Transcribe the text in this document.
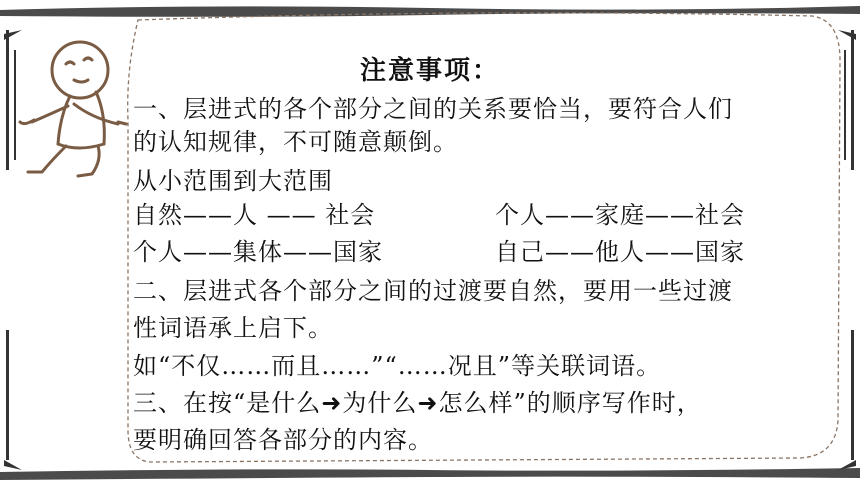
注意事项：
一、层进式的各个部分之间的关系要恰当，要符合人们
的认知规律，不可随意颠倒。
从小范围到大范围
自然——人 —— 社会	个人——家庭——社会
个人——集体——国家	自己——他人——国家
二、层进式各个部分之间的过渡要自然，要用一些过渡
性词语承上启下。
如“不仅……而且……”“……况且”等关联词语。
三、在按“是什么➜为什么➜怎么样”的顺序写作时，
要明确回答各部分的内容。
